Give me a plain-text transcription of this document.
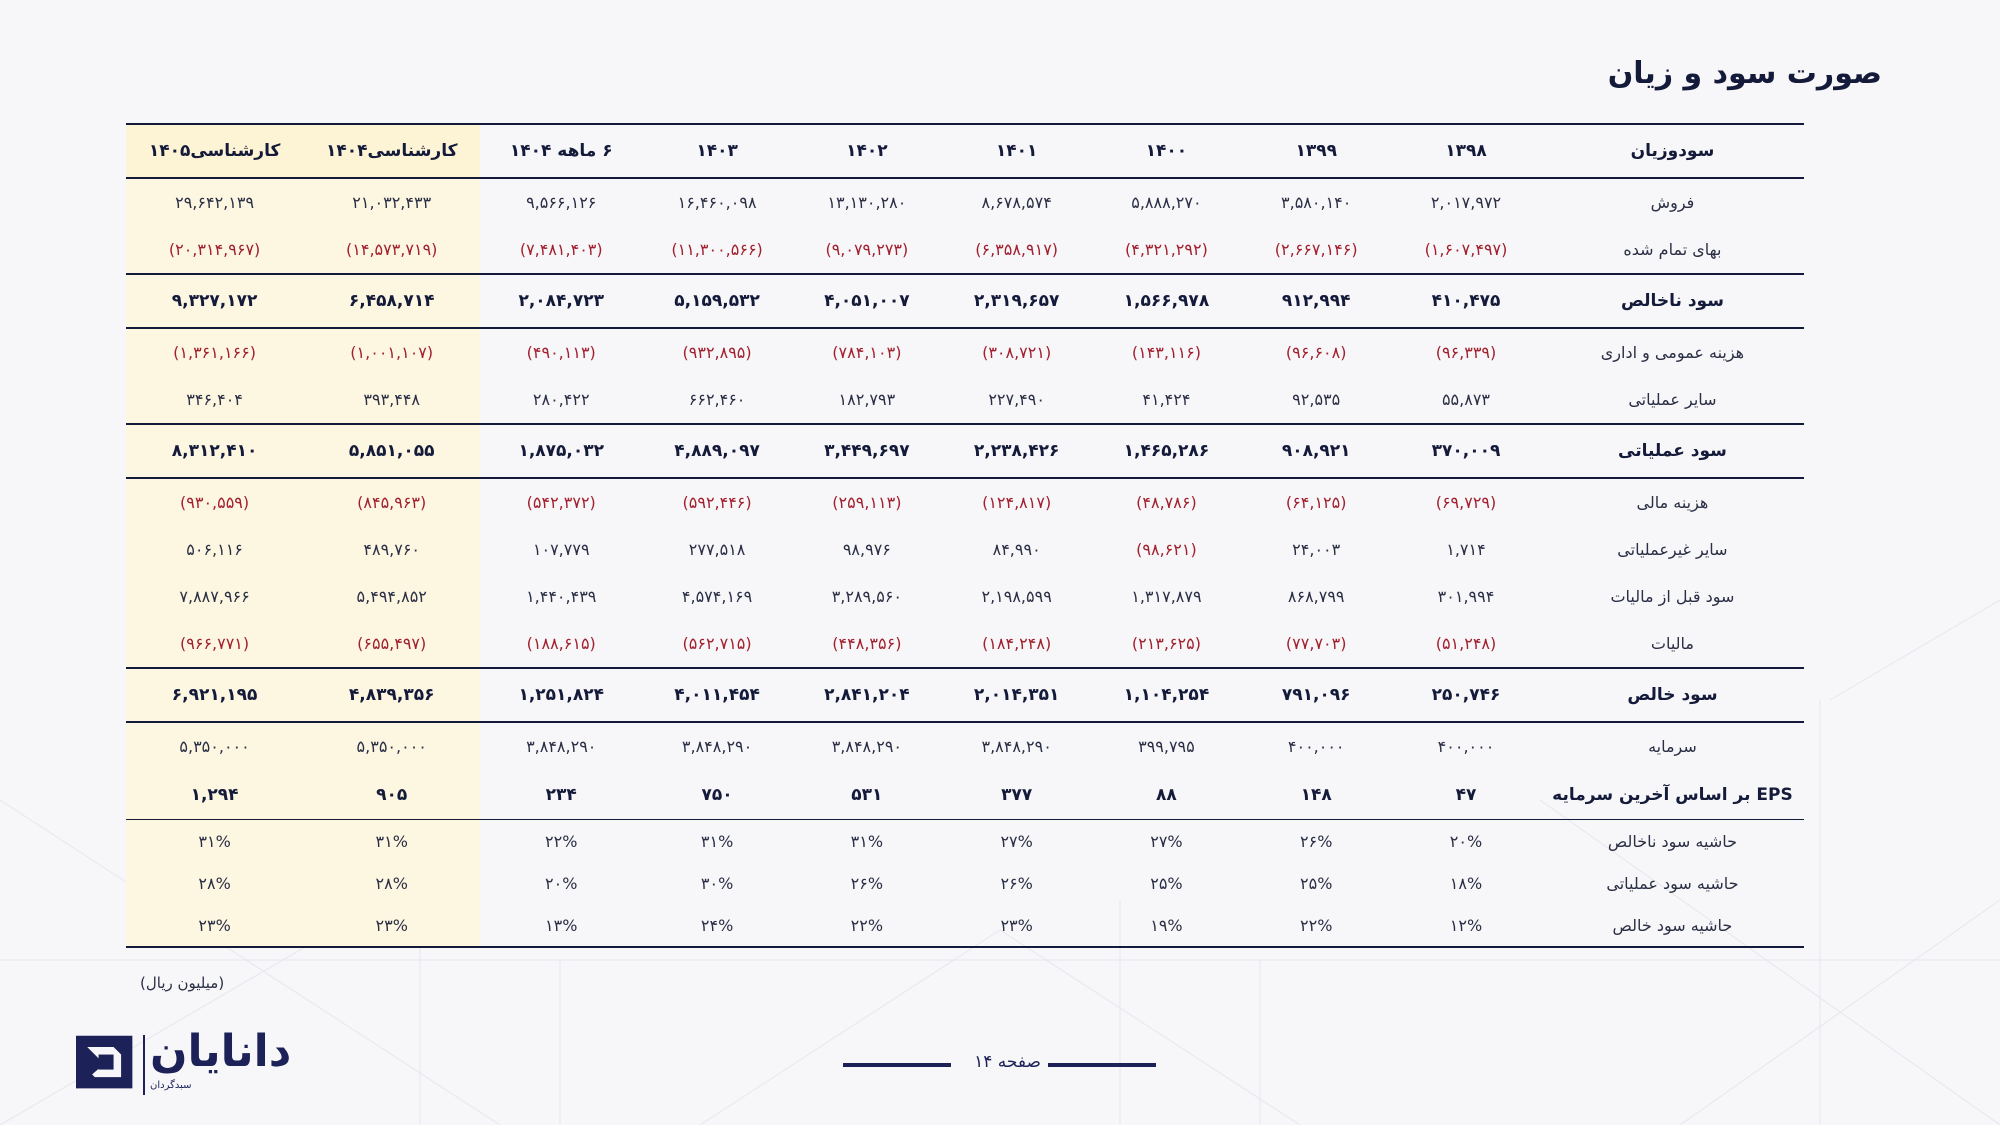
صورت سود و زیان
سودوزیان	۱۳۹۸	۱۳۹۹	۱۴۰۰	۱۴۰۱	۱۴۰۲	۱۴۰۳	۶ ماهه ۱۴۰۴	کارشناسی۱۴۰۴	کارشناسی۱۴۰۵
فروش	۲,۰۱۷,۹۷۲	۳,۵۸۰,۱۴۰	۵,۸۸۸,۲۷۰	۸,۶۷۸,۵۷۴	۱۳,۱۳۰,۲۸۰	۱۶,۴۶۰,۰۹۸	۹,۵۶۶,۱۲۶	۲۱,۰۳۲,۴۳۳	۲۹,۶۴۲,۱۳۹
بهای تمام شده	(۱,۶۰۷,۴۹۷)	(۲,۶۶۷,۱۴۶)	(۴,۳۲۱,۲۹۲)	(۶,۳۵۸,۹۱۷)	(۹,۰۷۹,۲۷۳)	(۱۱,۳۰۰,۵۶۶)	(۷,۴۸۱,۴۰۳)	(۱۴,۵۷۳,۷۱۹)	(۲۰,۳۱۴,۹۶۷)
سود ناخالص	۴۱۰,۴۷۵	۹۱۲,۹۹۴	۱,۵۶۶,۹۷۸	۲,۳۱۹,۶۵۷	۴,۰۵۱,۰۰۷	۵,۱۵۹,۵۳۲	۲,۰۸۴,۷۲۳	۶,۴۵۸,۷۱۴	۹,۳۲۷,۱۷۲
هزینه عمومی و اداری	(۹۶,۳۳۹)	(۹۶,۶۰۸)	(۱۴۳,۱۱۶)	(۳۰۸,۷۲۱)	(۷۸۴,۱۰۳)	(۹۳۲,۸۹۵)	(۴۹۰,۱۱۳)	(۱,۰۰۱,۱۰۷)	(۱,۳۶۱,۱۶۶)
سایر عملیاتی	۵۵,۸۷۳	۹۲,۵۳۵	۴۱,۴۲۴	۲۲۷,۴۹۰	۱۸۲,۷۹۳	۶۶۲,۴۶۰	۲۸۰,۴۲۲	۳۹۳,۴۴۸	۳۴۶,۴۰۴
سود عملیاتی	۳۷۰,۰۰۹	۹۰۸,۹۲۱	۱,۴۶۵,۲۸۶	۲,۲۳۸,۴۲۶	۳,۴۴۹,۶۹۷	۴,۸۸۹,۰۹۷	۱,۸۷۵,۰۳۲	۵,۸۵۱,۰۵۵	۸,۳۱۲,۴۱۰
هزینه مالی	(۶۹,۷۲۹)	(۶۴,۱۲۵)	(۴۸,۷۸۶)	(۱۲۴,۸۱۷)	(۲۵۹,۱۱۳)	(۵۹۲,۴۴۶)	(۵۴۲,۳۷۲)	(۸۴۵,۹۶۳)	(۹۳۰,۵۵۹)
سایر غیرعملیاتی	۱,۷۱۴	۲۴,۰۰۳	(۹۸,۶۲۱)	۸۴,۹۹۰	۹۸,۹۷۶	۲۷۷,۵۱۸	۱۰۷,۷۷۹	۴۸۹,۷۶۰	۵۰۶,۱۱۶
سود قبل از مالیات	۳۰۱,۹۹۴	۸۶۸,۷۹۹	۱,۳۱۷,۸۷۹	۲,۱۹۸,۵۹۹	۳,۲۸۹,۵۶۰	۴,۵۷۴,۱۶۹	۱,۴۴۰,۴۳۹	۵,۴۹۴,۸۵۲	۷,۸۸۷,۹۶۶
مالیات	(۵۱,۲۴۸)	(۷۷,۷۰۳)	(۲۱۳,۶۲۵)	(۱۸۴,۲۴۸)	(۴۴۸,۳۵۶)	(۵۶۲,۷۱۵)	(۱۸۸,۶۱۵)	(۶۵۵,۴۹۷)	(۹۶۶,۷۷۱)
سود خالص	۲۵۰,۷۴۶	۷۹۱,۰۹۶	۱,۱۰۴,۲۵۴	۲,۰۱۴,۳۵۱	۲,۸۴۱,۲۰۴	۴,۰۱۱,۴۵۴	۱,۲۵۱,۸۲۴	۴,۸۳۹,۳۵۶	۶,۹۲۱,۱۹۵
سرمایه	۴۰۰,۰۰۰	۴۰۰,۰۰۰	۳۹۹,۷۹۵	۳,۸۴۸,۲۹۰	۳,۸۴۸,۲۹۰	۳,۸۴۸,۲۹۰	۳,۸۴۸,۲۹۰	۵,۳۵۰,۰۰۰	۵,۳۵۰,۰۰۰
EPS بر اساس آخرین سرمایه	۴۷	۱۴۸	۸۸	۳۷۷	۵۳۱	۷۵۰	۲۳۴	۹۰۵	۱,۲۹۴
حاشیه سود ناخالص	۲۰%	۲۶%	۲۷%	۲۷%	۳۱%	۳۱%	۲۲%	۳۱%	۳۱%
حاشیه سود عملیاتی	۱۸%	۲۵%	۲۵%	۲۶%	۲۶%	۳۰%	۲۰%	۲۸%	۲۸%
حاشیه سود خالص	۱۲%	۲۲%	۱۹%	۲۳%	۲۲%	۲۴%	۱۳%	۲۳%	۲۳%
(میلیون ریال)
صفحه ۱۴
دانایان
سبدگردان
